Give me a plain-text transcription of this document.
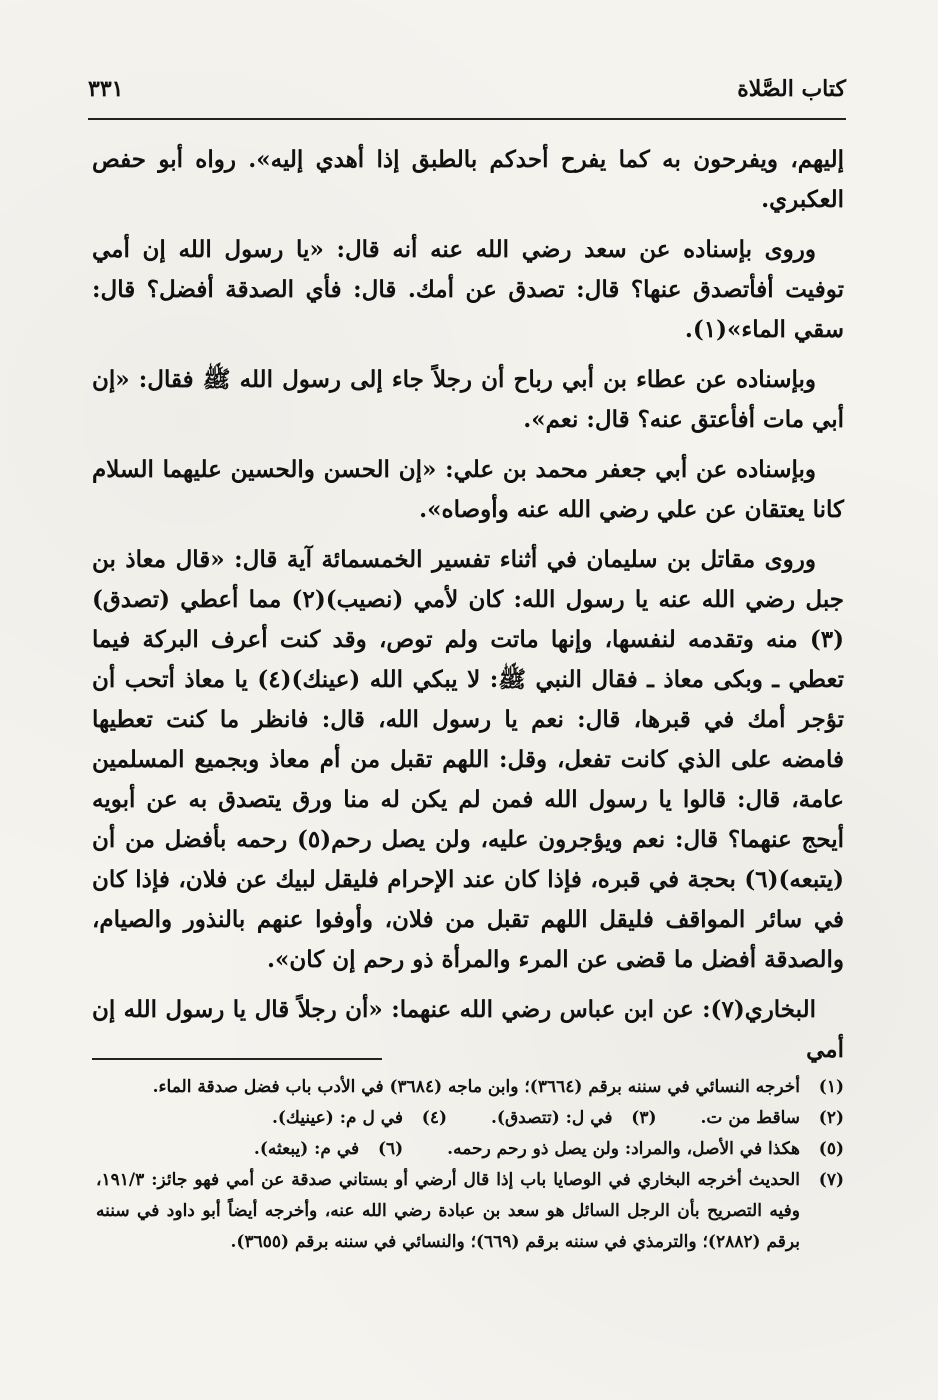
كتاب الصَّلاة
٣٣١

إليهم، ويفرحون به كما يفرح أحدكم بالطبق إذا أهدي إليه». رواه أبو حفص العكبري.

وروى بإسناده عن سعد رضي الله عنه أنه قال: «يا رسول الله إن أمي توفيت أفأتصدق عنها؟ قال: تصدق عن أمك. قال: فأي الصدقة أفضل؟ قال: سقي الماء»(١).

وبإسناده عن عطاء بن أبي رباح أن رجلاً جاء إلى رسول الله ﷺ فقال: «إن أبي مات أفأعتق عنه؟ قال: نعم».

وبإسناده عن أبي جعفر محمد بن علي: «إن الحسن والحسين عليهما السلام كانا يعتقان عن علي رضي الله عنه وأوصاه».

وروى مقاتل بن سليمان في أثناء تفسير الخمسمائة آية قال: «قال معاذ بن جبل رضي الله عنه يا رسول الله: كان لأمي (نصيب)(٢) مما أعطي (تصدق)(٣) منه وتقدمه لنفسها، وإنها ماتت ولم توص، وقد كنت أعرف البركة فيما تعطي ـ وبكى معاذ ـ فقال النبي ﷺ: لا يبكي الله (عينك)(٤) يا معاذ أتحب أن تؤجر أمك في قبرها، قال: نعم يا رسول الله، قال: فانظر ما كنت تعطيها فامضه على الذي كانت تفعل، وقل: اللهم تقبل من أم معاذ وبجميع المسلمين عامة، قال: قالوا يا رسول الله فمن لم يكن له منا ورق يتصدق به عن أبويه أيحج عنهما؟ قال: نعم ويؤجرون عليه، ولن يصل رحم(٥) رحمه بأفضل من أن (يتبعه)(٦) بحجة في قبره، فإذا كان عند الإحرام فليقل لبيك عن فلان، فإذا كان في سائر المواقف فليقل اللهم تقبل من فلان، وأوفوا عنهم بالنذور والصيام، والصدقة أفضل ما قضى عن المرء والمرأة ذو رحم إن كان».

البخاري(٧): عن ابن عباس رضي الله عنهما: «أن رجلاً قال يا رسول الله إن أمي

(١)
أخرجه النسائي في سننه برقم (٣٦٦٤)؛ وابن ماجه (٣٦٨٤) في الأدب باب فضل صدقة الماء.
(٢)
ساقط من ت.
(٣)
في ل: (تتصدق).
(٤)
في ل م: (عينيك).
(٥)
هكذا في الأصل، والمراد: ولن يصل ذو رحم رحمه.
(٦)
في م: (يبعثه).
(٧)
الحديث أخرجه البخاري في الوصايا باب إذا قال أرضي أو بستاني صدقة عن أمي فهو جائز: ١٩١/٣، وفيه التصريح بأن الرجل السائل هو سعد بن عبادة رضي الله عنه، وأخرجه أيضاً أبو داود في سننه برقم (٢٨٨٢)؛ والترمذي في سننه برقم (٦٦٩)؛ والنسائي في سننه برقم (٣٦٥٥).
